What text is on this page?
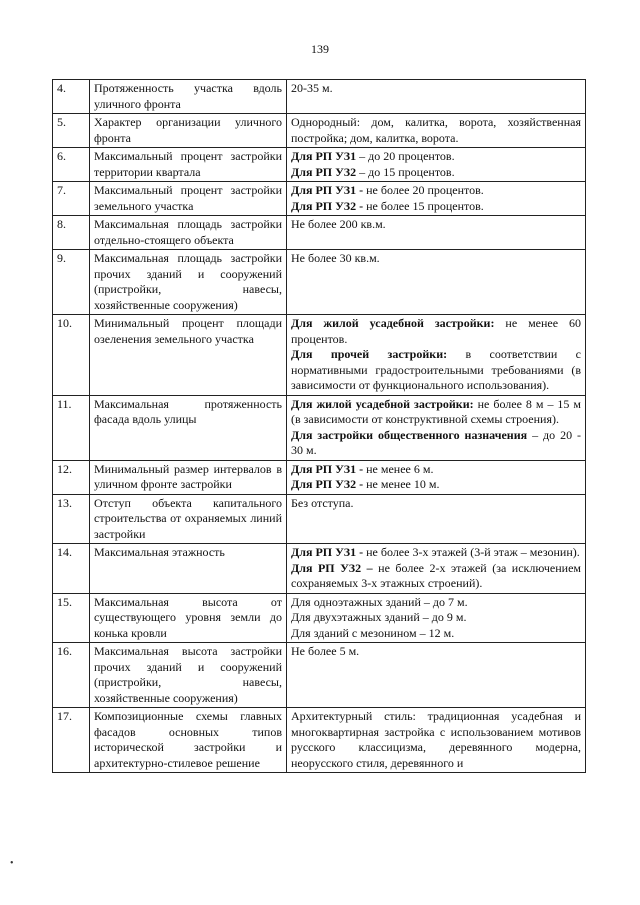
139
4.	Протяженность участка вдоль уличного фронта	20-35 м.

5.	Характер организации уличного фронта	Однородный: дом, калитка, ворота, хозяйственная постройка; дом, калитка, ворота.

6.	Максимальный процент застройки территории квартала	Для РП УЗ1 – до 20 процентов.
Для РП УЗ2 – до 15 процентов.

7.	Максимальный процент застройки земельного участка	Для РП УЗ1 - не более 20 процентов.
Для РП УЗ2 - не более 15 процентов.

8.	Максимальная площадь застройки отдельно-стоящего объекта	Не более 200 кв.м.

9.	Максимальная площадь застройки прочих зданий и сооружений (пристройки, навесы, хозяйственные сооружения)	Не более 30 кв.м.

10.	Минимальный процент площади озеленения земельного участка	Для жилой усадебной застройки: не менее 60 процентов.
Для прочей застройки: в соответствии с нормативными градостроительными требованиями (в зависимости от функционального использования).

11.	Максимальная протяженность фасада вдоль улицы	Для жилой усадебной застройки: не более 8 м – 15 м (в зависимости от конструктивной схемы строения).
Для застройки общественного назначения – до 20 - 30 м.

12.	Минимальный размер интервалов в уличном фронте застройки	Для РП УЗ1 - не менее 6 м.
Для РП УЗ2 - не менее 10 м.

13.	Отступ объекта капитального строительства от охраняемых линий застройки	Без отступа.

14.	Максимальная этажность	Для РП УЗ1 - не более 3-х этажей (3-й этаж – мезонин).
Для РП УЗ2 – не более 2-х этажей (за исключением сохраняемых 3-х этажных строений).

15.	Максимальная высота от существующего уровня земли до конька кровли	Для одноэтажных зданий – до 7 м.
Для двухэтажных зданий – до 9 м.
Для зданий с мезонином – 12 м.

16.	Максимальная высота застройки прочих зданий и сооружений (пристройки, навесы, хозяйственные сооружения)	Не более 5 м.

17.	Композиционные схемы главных фасадов основных типов исторической застройки и архитектурно-стилевое решение	Архитектурный стиль: традиционная усадебная и многоквартирная застройка с использованием мотивов русского классицизма, деревянного модерна, неорусского стиля, деревянного и
•
